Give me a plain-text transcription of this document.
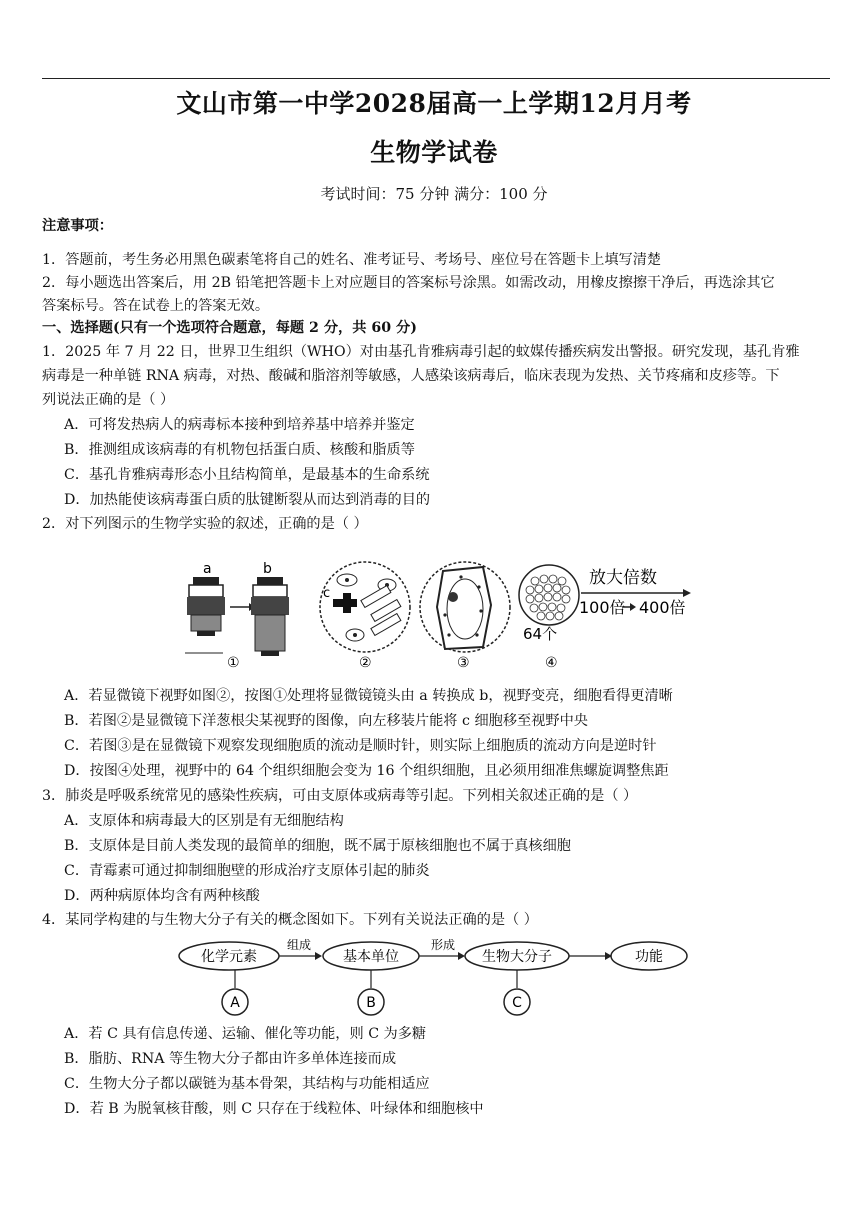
文山市第一中学2028届高一上学期12月月考
生物学试卷
考试时间：75 分钟 满分：100 分
注意事项：
1．答题前，考生务必用黑色碳素笔将自己的姓名、准考证号、考场号、座位号在答题卡上填写清楚
2．每小题选出答案后，用 2B 铅笔把答题卡上对应题目的答案标号涂黑。如需改动，用橡皮擦擦干净后，再选涂其它
答案标号。答在试卷上的答案无效。
一、选择题(只有一个选项符合题意，每题 2 分，共 60 分)
1．2025 年 7 月 22 日，世界卫生组织（WHO）对由基孔肯雅病毒引起的蚊媒传播疾病发出警报。研究发现，基孔肯雅
病毒是一种单链 RNA 病毒，对热、酸碱和脂溶剂等敏感，人感染该病毒后，临床表现为发热、关节疼痛和皮疹等。下
列说法正确的是（ ）
A．可将发热病人的病毒标本接种到培养基中培养并鉴定
B．推测组成该病毒的有机物包括蛋白质、核酸和脂质等
C．基孔肯雅病毒形态小且结构简单，是最基本的生命系统
D．加热能使该病毒蛋白质的肽键断裂从而达到消毒的目的
2．对下列图示的生物学实验的叙述，正确的是（ ）
a	b
①
c
②	③
64个
放大倍数
100倍 400倍
④
A．若显微镜下视野如图②，按图①处理将显微镜镜头由 a 转换成 b，视野变亮，细胞看得更清晰
B．若图②是显微镜下洋葱根尖某视野的图像，向左移装片能将 c 细胞移至视野中央
C．若图③是在显微镜下观察发现细胞质的流动是顺时针，则实际上细胞质的流动方向是逆时针
D．按图④处理，视野中的 64 个组织细胞会变为 16 个组织细胞，且必须用细准焦螺旋调整焦距
3．肺炎是呼吸系统常见的感染性疾病，可由支原体或病毒等引起。下列相关叙述正确的是（ ）
A．支原体和病毒最大的区别是有无细胞结构
B．支原体是目前人类发现的最简单的细胞，既不属于原核细胞也不属于真核细胞
C．青霉素可通过抑制细胞壁的形成治疗支原体引起的肺炎
D．两种病原体均含有两种核酸
4．某同学构建的与生物大分子有关的概念图如下。下列有关说法正确的是（ ）
化学元素
组成
基本单位
形成
生物大分子	功能
A	B	C
A．若 C 具有信息传递、运输、催化等功能，则 C 为多糖
B．脂肪、RNA 等生物大分子都由许多单体连接而成
C．生物大分子都以碳链为基本骨架，其结构与功能相适应
D．若 B 为脱氧核苷酸，则 C 只存在于线粒体、叶绿体和细胞核中
